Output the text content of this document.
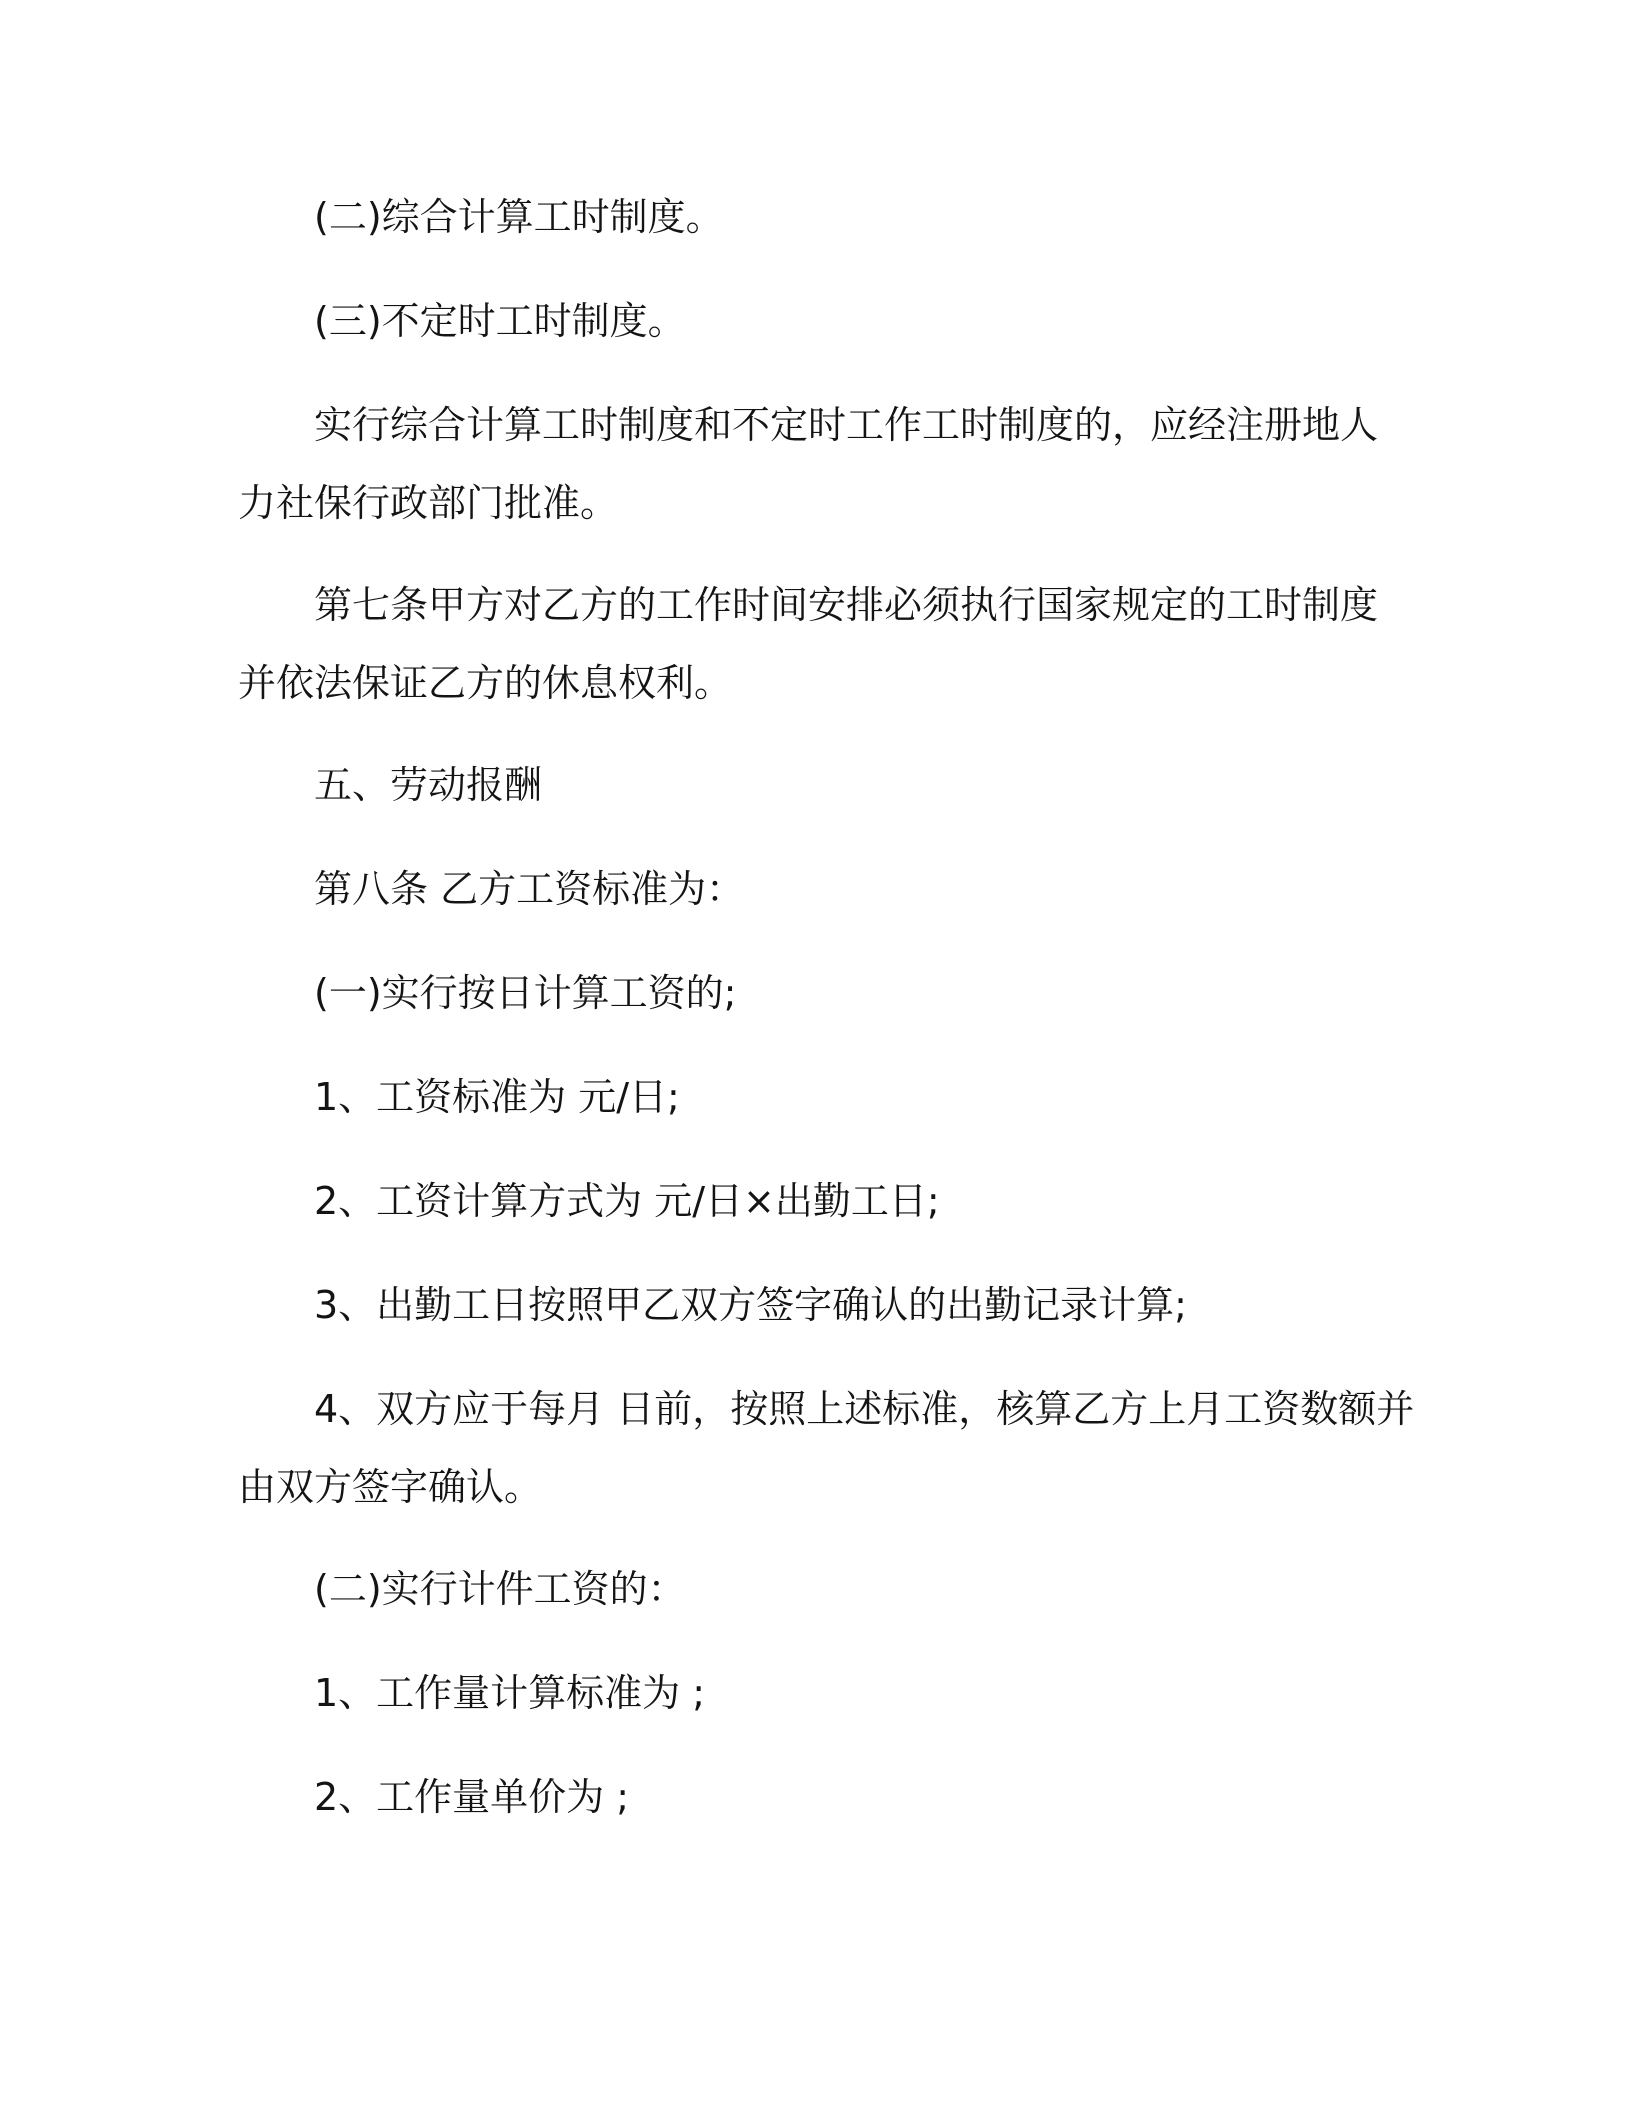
(二)综合计算工时制度。

(三)不定时工时制度。

实行综合计算工时制度和不定时工作工时制度的，应经注册地人

力社保行政部门批准。

第七条甲方对乙方的工作时间安排必须执行国家规定的工时制度

并依法保证乙方的休息权利。

五、劳动报酬

第八条 乙方工资标准为：

(一)实行按日计算工资的;

1、工资标准为 元/日;

2、工资计算方式为 元/日×出勤工日;

3、出勤工日按照甲乙双方签字确认的出勤记录计算;

4、双方应于每月 日前，按照上述标准，核算乙方上月工资数额并

由双方签字确认。

(二)实行计件工资的：

1、工作量计算标准为 ;

2、工作量单价为 ;
